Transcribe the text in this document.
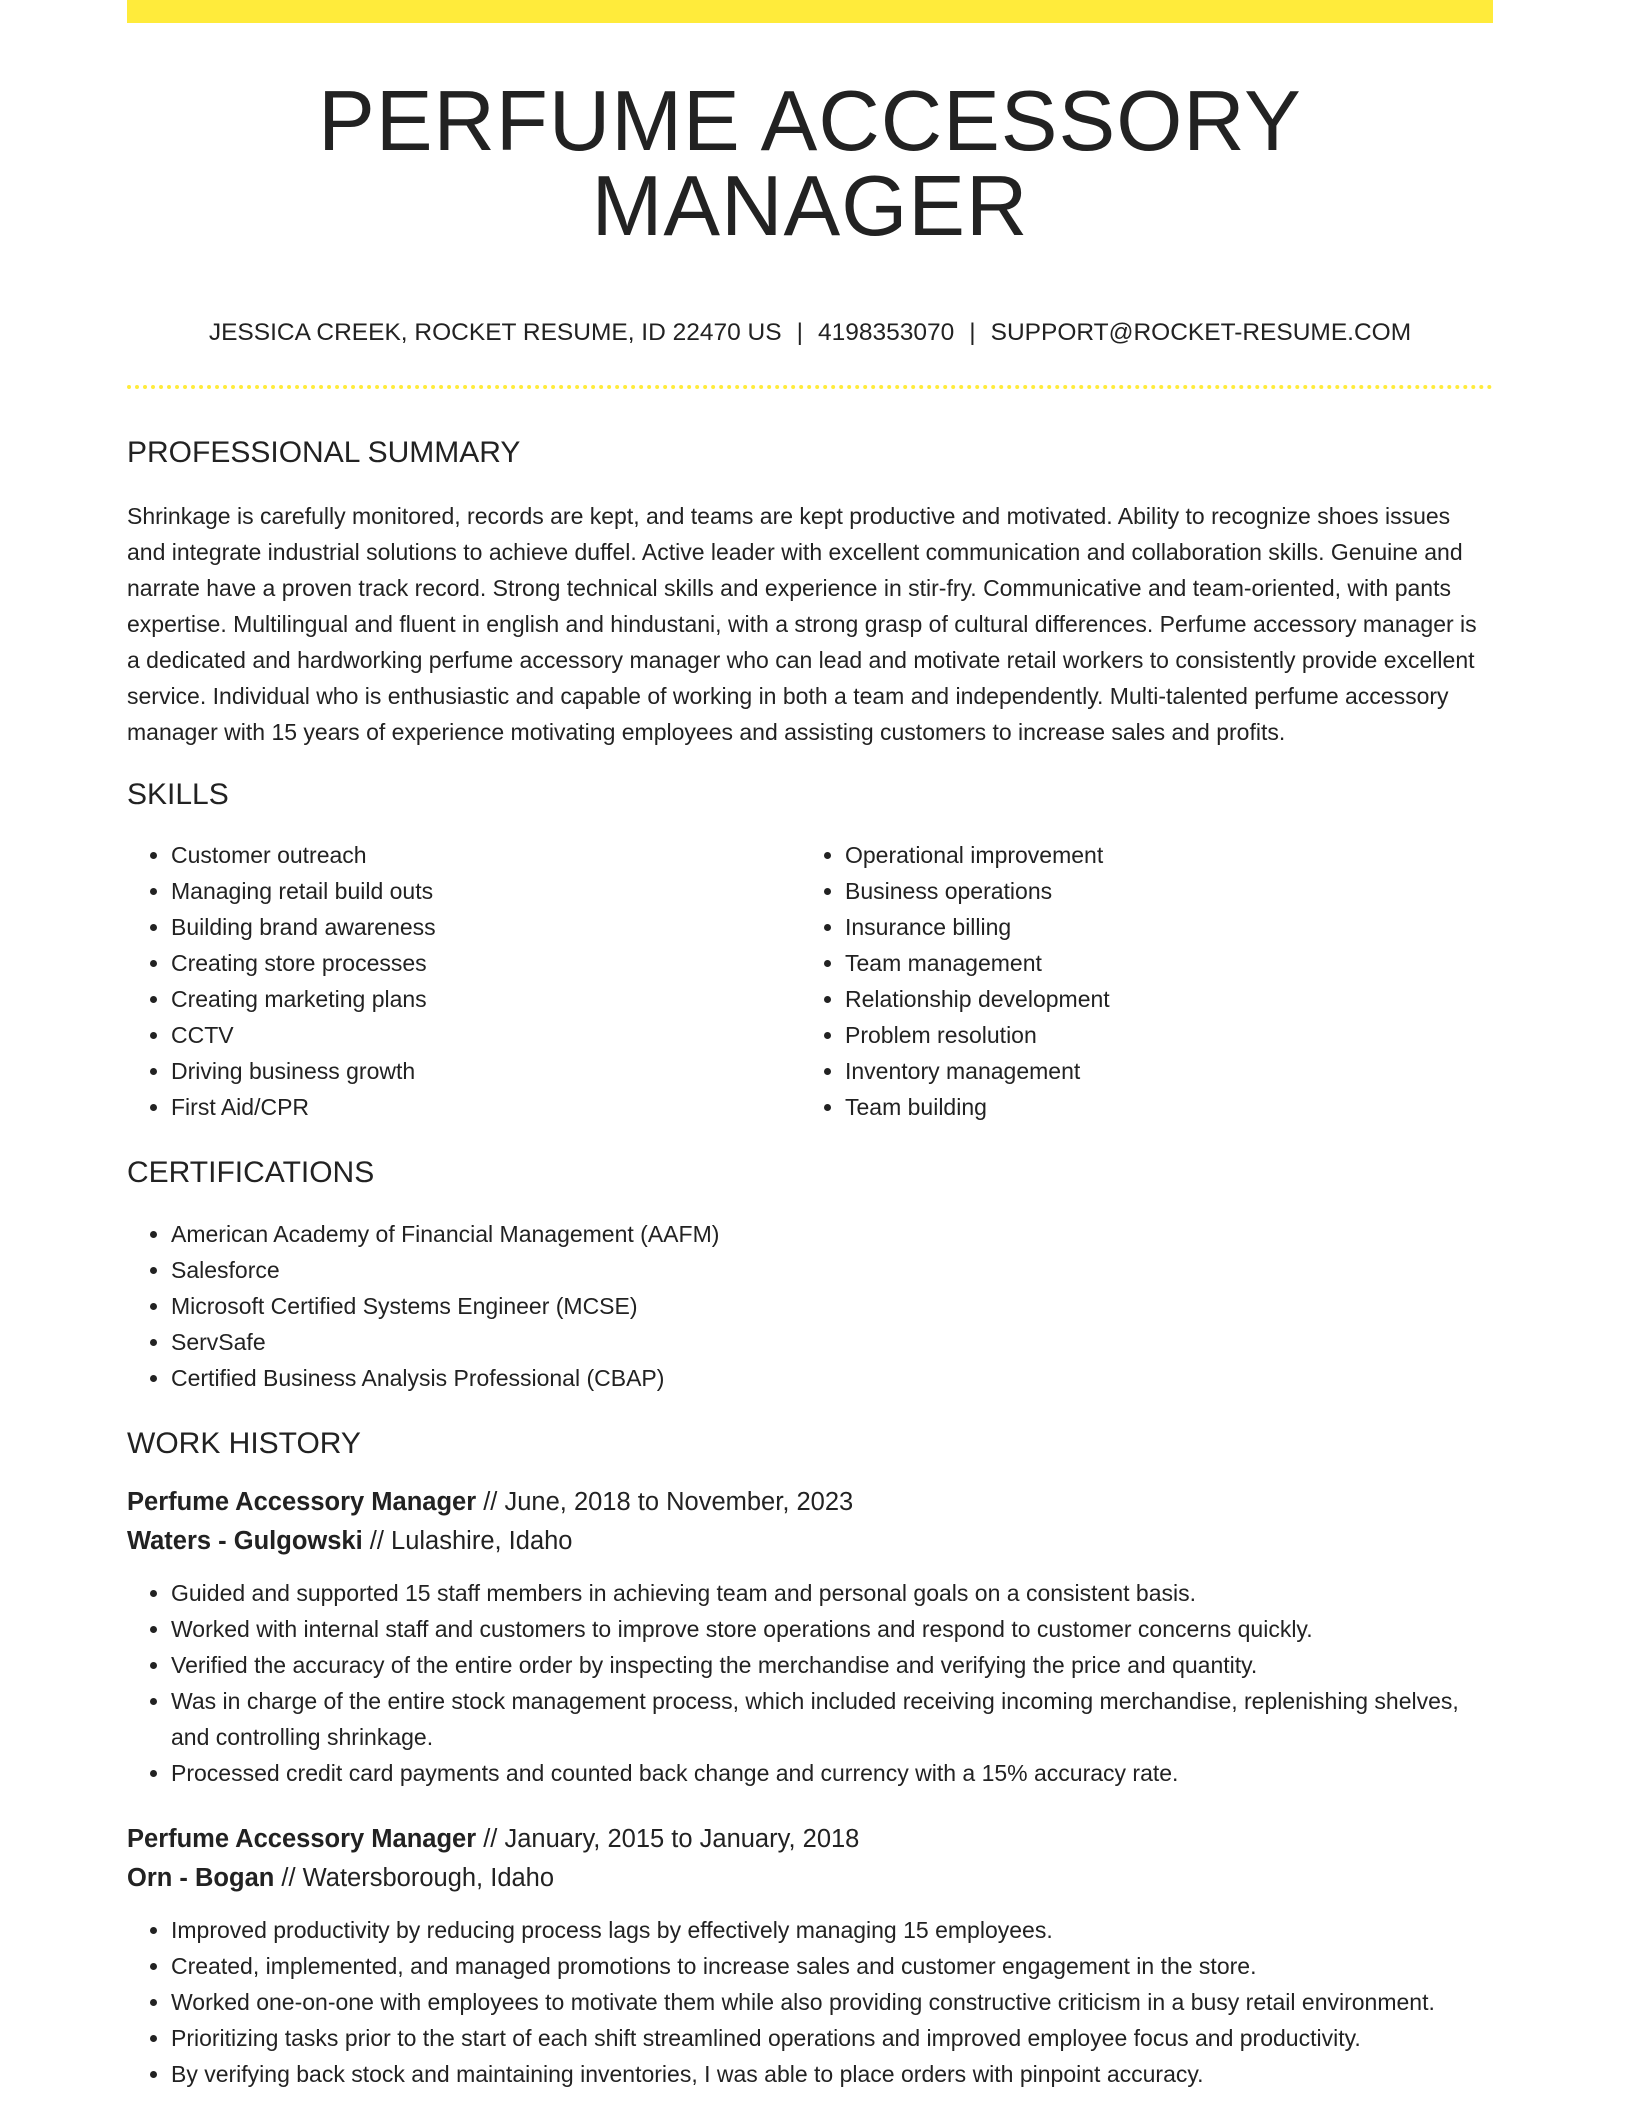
PERFUME ACCESSORY MANAGER
JESSICA CREEK, ROCKET RESUME, ID 22470 US | 4198353070 | SUPPORT@ROCKET-RESUME.COM
PROFESSIONAL SUMMARY

Shrinkage is carefully monitored, records are kept, and teams are kept productive and motivated. Ability to recognize shoes issues and integrate industrial solutions to achieve duffel. Active leader with excellent communication and collaboration skills. Genuine and narrate have a proven track record. Strong technical skills and experience in stir-fry. Communicative and team-oriented, with pants expertise. Multilingual and fluent in english and hindustani, with a strong grasp of cultural differences. Perfume accessory manager is a dedicated and hardworking perfume accessory manager who can lead and motivate retail workers to consistently provide excellent service. Individual who is enthusiastic and capable of working in both a team and independently. Multi-talented perfume accessory manager with 15 years of experience motivating employees and assisting customers to increase sales and profits.

SKILLS
• Customer outreach
• Managing retail build outs
• Building brand awareness
• Creating store processes
• Creating marketing plans
• CCTV
• Driving business growth
• First Aid/CPR
• Operational improvement
• Business operations
• Insurance billing
• Team management
• Relationship development
• Problem resolution
• Inventory management
• Team building
CERTIFICATIONS
• American Academy of Financial Management (AAFM)
• Salesforce
• Microsoft Certified Systems Engineer (MCSE)
• ServSafe
• Certified Business Analysis Professional (CBAP)
WORK HISTORY
Perfume Accessory Manager // June, 2018 to November, 2023
Waters - Gulgowski // Lulashire, Idaho
• Guided and supported 15 staff members in achieving team and personal goals on a consistent basis.
• Worked with internal staff and customers to improve store operations and respond to customer concerns quickly.
• Verified the accuracy of the entire order by inspecting the merchandise and verifying the price and quantity.
• Was in charge of the entire stock management process, which included receiving incoming merchandise, replenishing shelves, and controlling shrinkage.
• Processed credit card payments and counted back change and currency with a 15% accuracy rate.
Perfume Accessory Manager // January, 2015 to January, 2018
Orn - Bogan // Watersborough, Idaho
• Improved productivity by reducing process lags by effectively managing 15 employees.
• Created, implemented, and managed promotions to increase sales and customer engagement in the store.
• Worked one-on-one with employees to motivate them while also providing constructive criticism in a busy retail environment.
• Prioritizing tasks prior to the start of each shift streamlined operations and improved employee focus and productivity.
• By verifying back stock and maintaining inventories, I was able to place orders with pinpoint accuracy.
